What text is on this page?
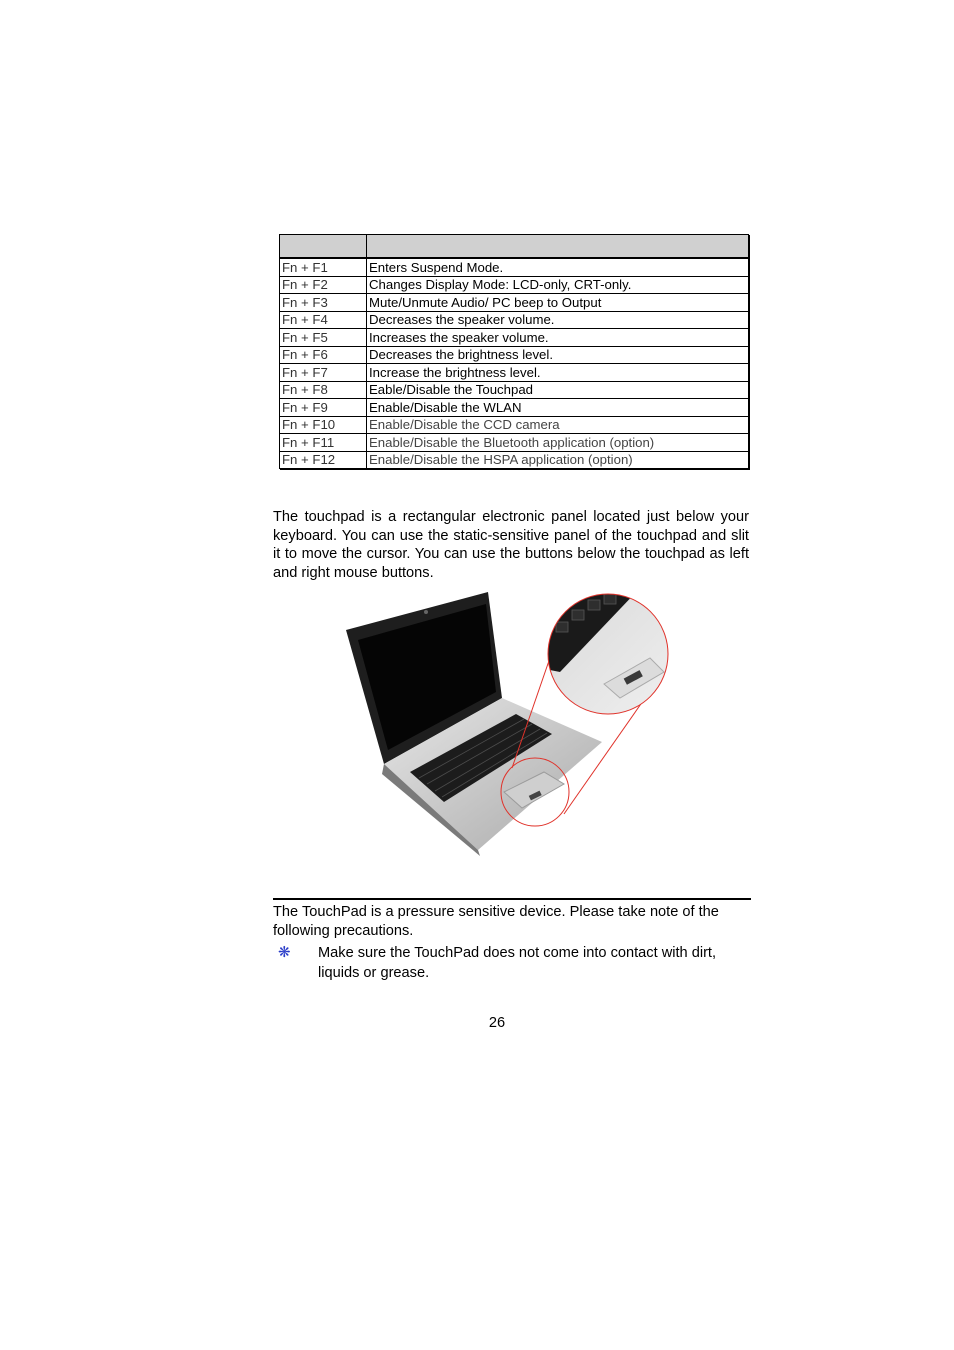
Fn + F1	Enters Suspend Mode.
Fn + F2	Changes Display Mode: LCD-only, CRT-only.
Fn + F3	Mute/Unmute Audio/ PC beep to Output
Fn + F4	Decreases the speaker volume.
Fn + F5	Increases the speaker volume.
Fn + F6	Decreases the brightness level.
Fn + F7	Increase the brightness level.
Fn + F8	Eable/Disable the Touchpad
Fn + F9	Enable/Disable the WLAN
Fn + F10	Enable/Disable the CCD camera
Fn + F11	Enable/Disable the Bluetooth application (option)
Fn + F12	Enable/Disable the HSPA application (option)

The touchpad is a rectangular electronic panel located just below your keyboard. You can use the static-sensitive panel of the touchpad and slit it to move the cursor. You can use the buttons below the touchpad as left and right mouse buttons.

The TouchPad is a pressure sensitive device. Please take note of the following precautions.

❋ Make sure the TouchPad does not come into contact with dirt, liquids or grease.
26
